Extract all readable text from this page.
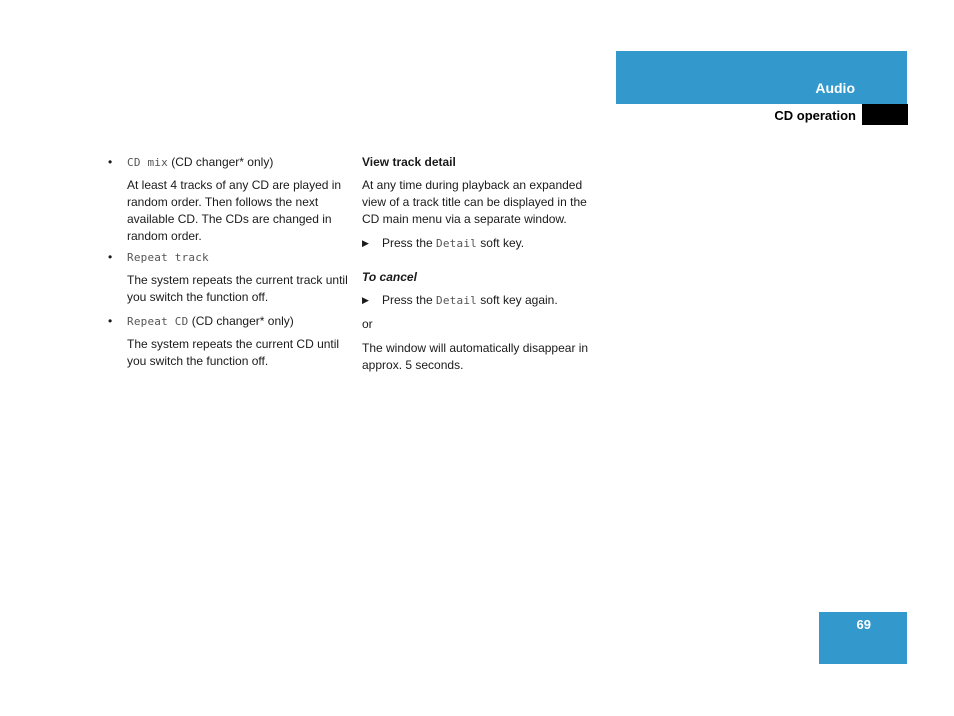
Audio
CD operation
• CD mix (CD changer* only)

At least 4 tracks of any CD are played in random order. Then follows the next available CD. The CDs are changed in random order.

• Repeat track

The system repeats the current track until you switch the function off.

• Repeat CD (CD changer* only)

The system repeats the current CD until you switch the function off.

View track detail

At any time during playback an expanded view of a track title can be displayed in the CD main menu via a separate window.

▶ Press the Detail soft key.
To cancel
▶ Press the Detail soft key again.

or

The window will automatically disappear in approx. 5 seconds.

69
